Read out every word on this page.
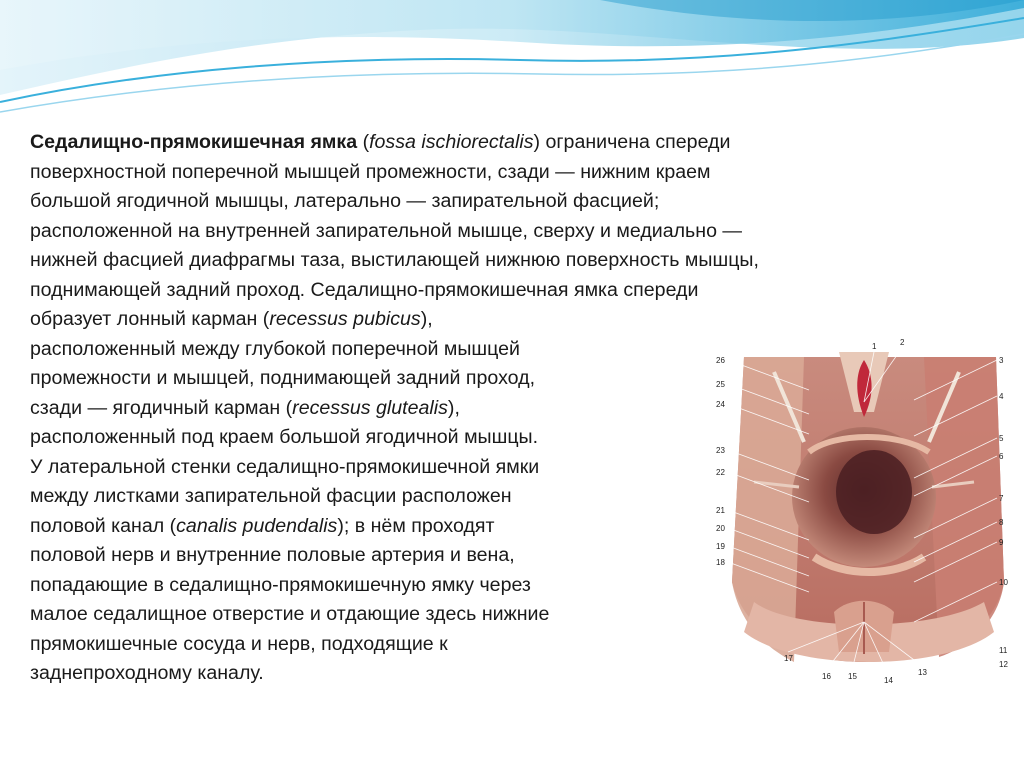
Седалищно-прямокишечная ямка (fossa ischiorectalis) ограничена спереди
поверхностной поперечной мышцей промежности, сзади — нижним краем
большой ягодичной мышцы, латерально — запирательной фасцией;
расположенной на внутренней запирательной мышце, сверху и медиально —
нижней фасцией диафрагмы таза, выстилающей нижнюю поверхность мышцы,
поднимающей задний проход. Седалищно-прямокишечная ямка спереди
образует лонный карман (recessus pubicus),
расположенный между глубокой поперечной мышцей
промежности и мышцей, поднимающей задний проход,
сзади — ягодичный карман (recessus glutealis),
расположенный под краем большой ягодичной мышцы.
У латеральной стенки седалищно-прямокишечной ямки
между листками запирательной фасции расположен
половой канал (canalis pudendalis); в нём проходят
половой нерв и внутренние половые артерия и вена,
попадающие в седалищно-прямокишечную ямку через
малое седалищное отверстие и отдающие здесь нижние
прямокишечные сосуда и нерв, подходящие к
заднепроходному каналу.
26
25
24
23
22
21
20
19
18
1	2
3
4
5
6
7
8
9
10
11
12
17
16 15	14
13
